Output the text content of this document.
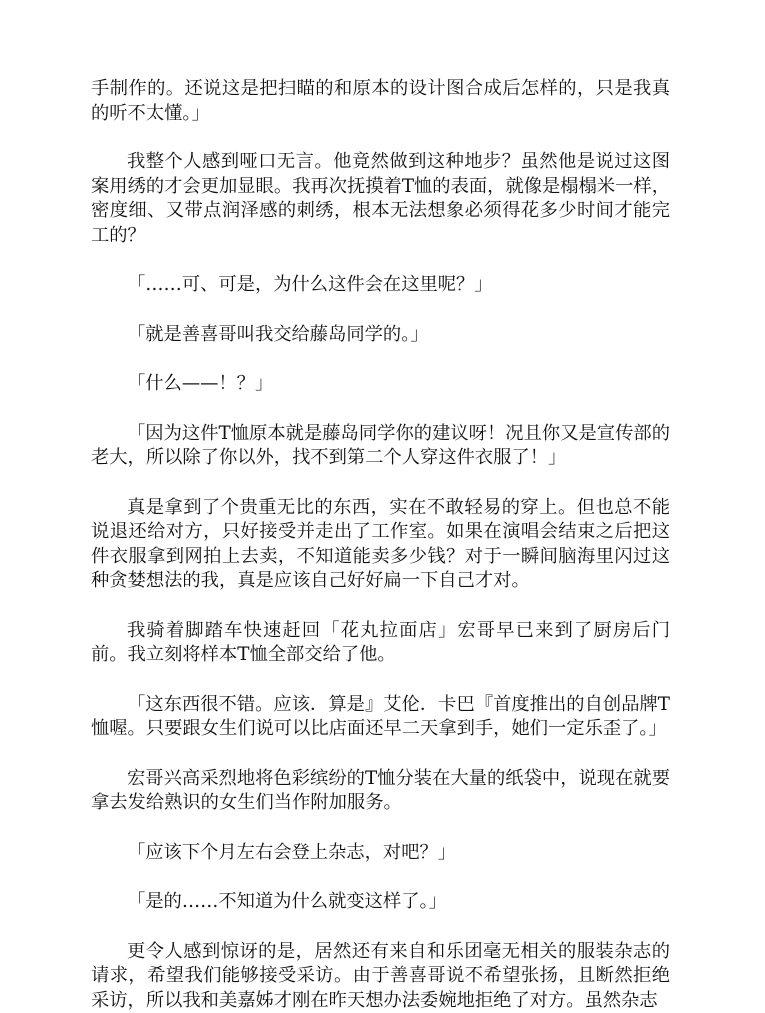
手制作的。还说这是把扫瞄的和原本的设计图合成后怎样的，只是我真的听不太懂。」

我整个人感到哑口无言。他竟然做到这种地步？虽然他是说过这图案用绣的才会更加显眼。我再次抚摸着T恤的表面，就像是榻榻米一样，密度细、又带点润泽感的刺绣，根本无法想象必须得花多少时间才能完工的？

「……可、可是，为什么这件会在这里呢？」

「就是善喜哥叫我交给藤岛同学的。」

「什么——！？」

「因为这件T恤原本就是藤岛同学你的建议呀！况且你又是宣传部的老大，所以除了你以外，找不到第二个人穿这件衣服了！」

真是拿到了个贵重无比的东西，实在不敢轻易的穿上。但也总不能说退还给对方，只好接受并走出了工作室。如果在演唱会结束之后把这件衣服拿到网拍上去卖，不知道能卖多少钱？对于一瞬间脑海里闪过这种贪婪想法的我，真是应该自己好好扁一下自己才对。

我骑着脚踏车快速赶回「花丸拉面店」宏哥早已来到了厨房后门前。我立刻将样本T恤全部交给了他。

「这东西很不错。应该．算是』艾伦．卡巴『首度推出的自创品牌T恤喔。只要跟女生们说可以比店面还早二天拿到手，她们一定乐歪了。」

宏哥兴高采烈地将色彩缤纷的T恤分装在大量的纸袋中，说现在就要拿去发给熟识的女生们当作附加服务。

「应该下个月左右会登上杂志，对吧？」

「是的……不知道为什么就变这样了。」

更令人感到惊讶的是，居然还有来自和乐团毫无相关的服装杂志的请求，希望我们能够接受采访。由于善喜哥说不希望张扬，且断然拒绝采访，所以我和美嘉姊才刚在昨天想办法委婉地拒绝了对方。虽然杂志
